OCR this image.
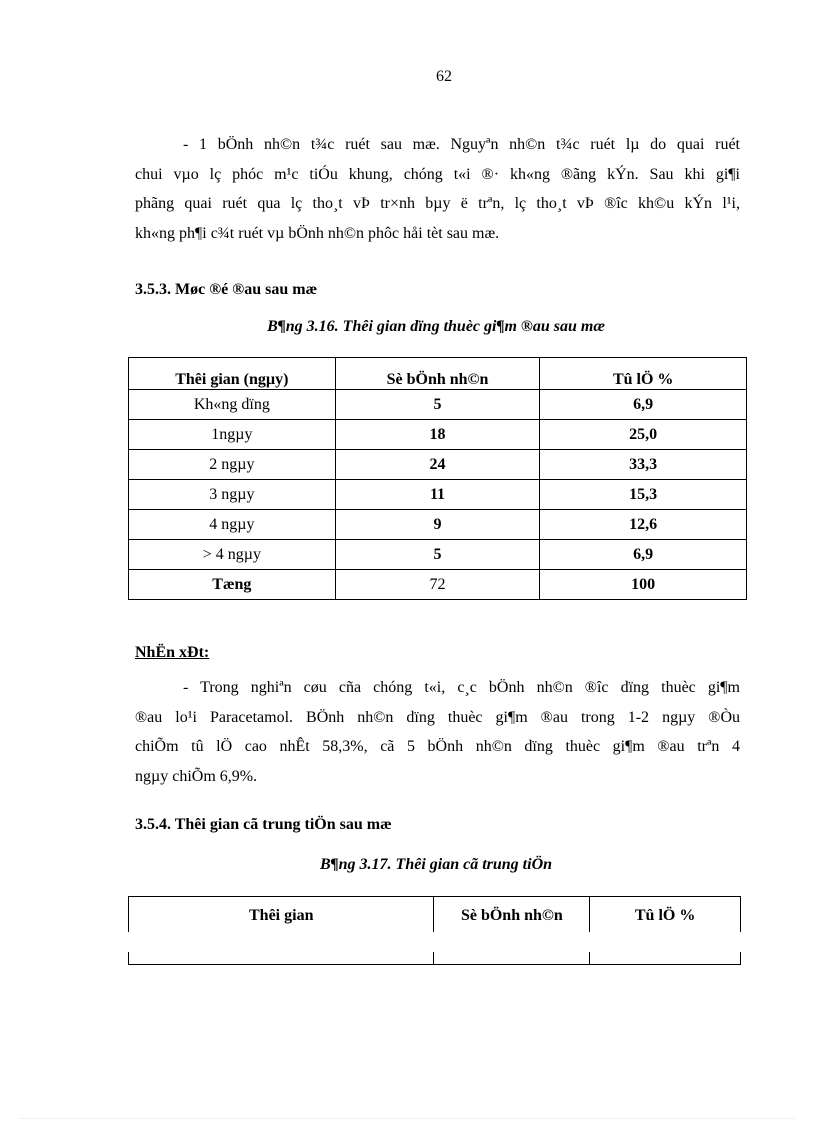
62

- 1 bÖnh nh©n t¾c ruét sau mæ. Nguyªn nh©n t¾c ruét lµ do quai ruét
chui vµo lç phóc m¹c tiÓu khung, chóng t«i ®· kh«ng ®ãng kÝn. Sau khi gi¶i
phãng quai ruét qua lç tho¸t vÞ tr×nh bµy ë trªn, lç tho¸t vÞ ®îc kh©u kÝn l¹i,
kh«ng ph¶i c¾t ruét vµ bÖnh nh©n phôc håi tèt sau mæ.

3.5.3. Møc ®é ®au sau mæ

B¶ng 3.16. Thêi gian dïng thuèc gi¶m ®au sau mæ

Thêi gian (ngµy)	Sè bÖnh nh©n	Tû lÖ %
Kh«ng dïng	5	6,9
1ngµy	18	25,0
2 ngµy	24	33,3
3 ngµy	11	15,3
4 ngµy	9	12,6
> 4 ngµy	5	6,9
Tæng	72	100

NhËn xÐt:

- Trong nghiªn cøu cña chóng t«i, c¸c bÖnh nh©n ®îc dïng thuèc gi¶m
®au lo¹i Paracetamol. BÖnh nh©n dïng thuèc gi¶m ®au trong 1-2 ngµy ®Òu
chiÕm tû lÖ cao nhÊt 58,3%, cã 5 bÖnh nh©n dïng thuèc gi¶m ®au trªn 4
ngµy chiÕm 6,9%.

3.5.4. Thêi gian cã trung tiÖn sau mæ

B¶ng 3.17. Thêi gian cã trung tiÖn

Thêi gian	Sè bÖnh nh©n	Tû lÖ %
